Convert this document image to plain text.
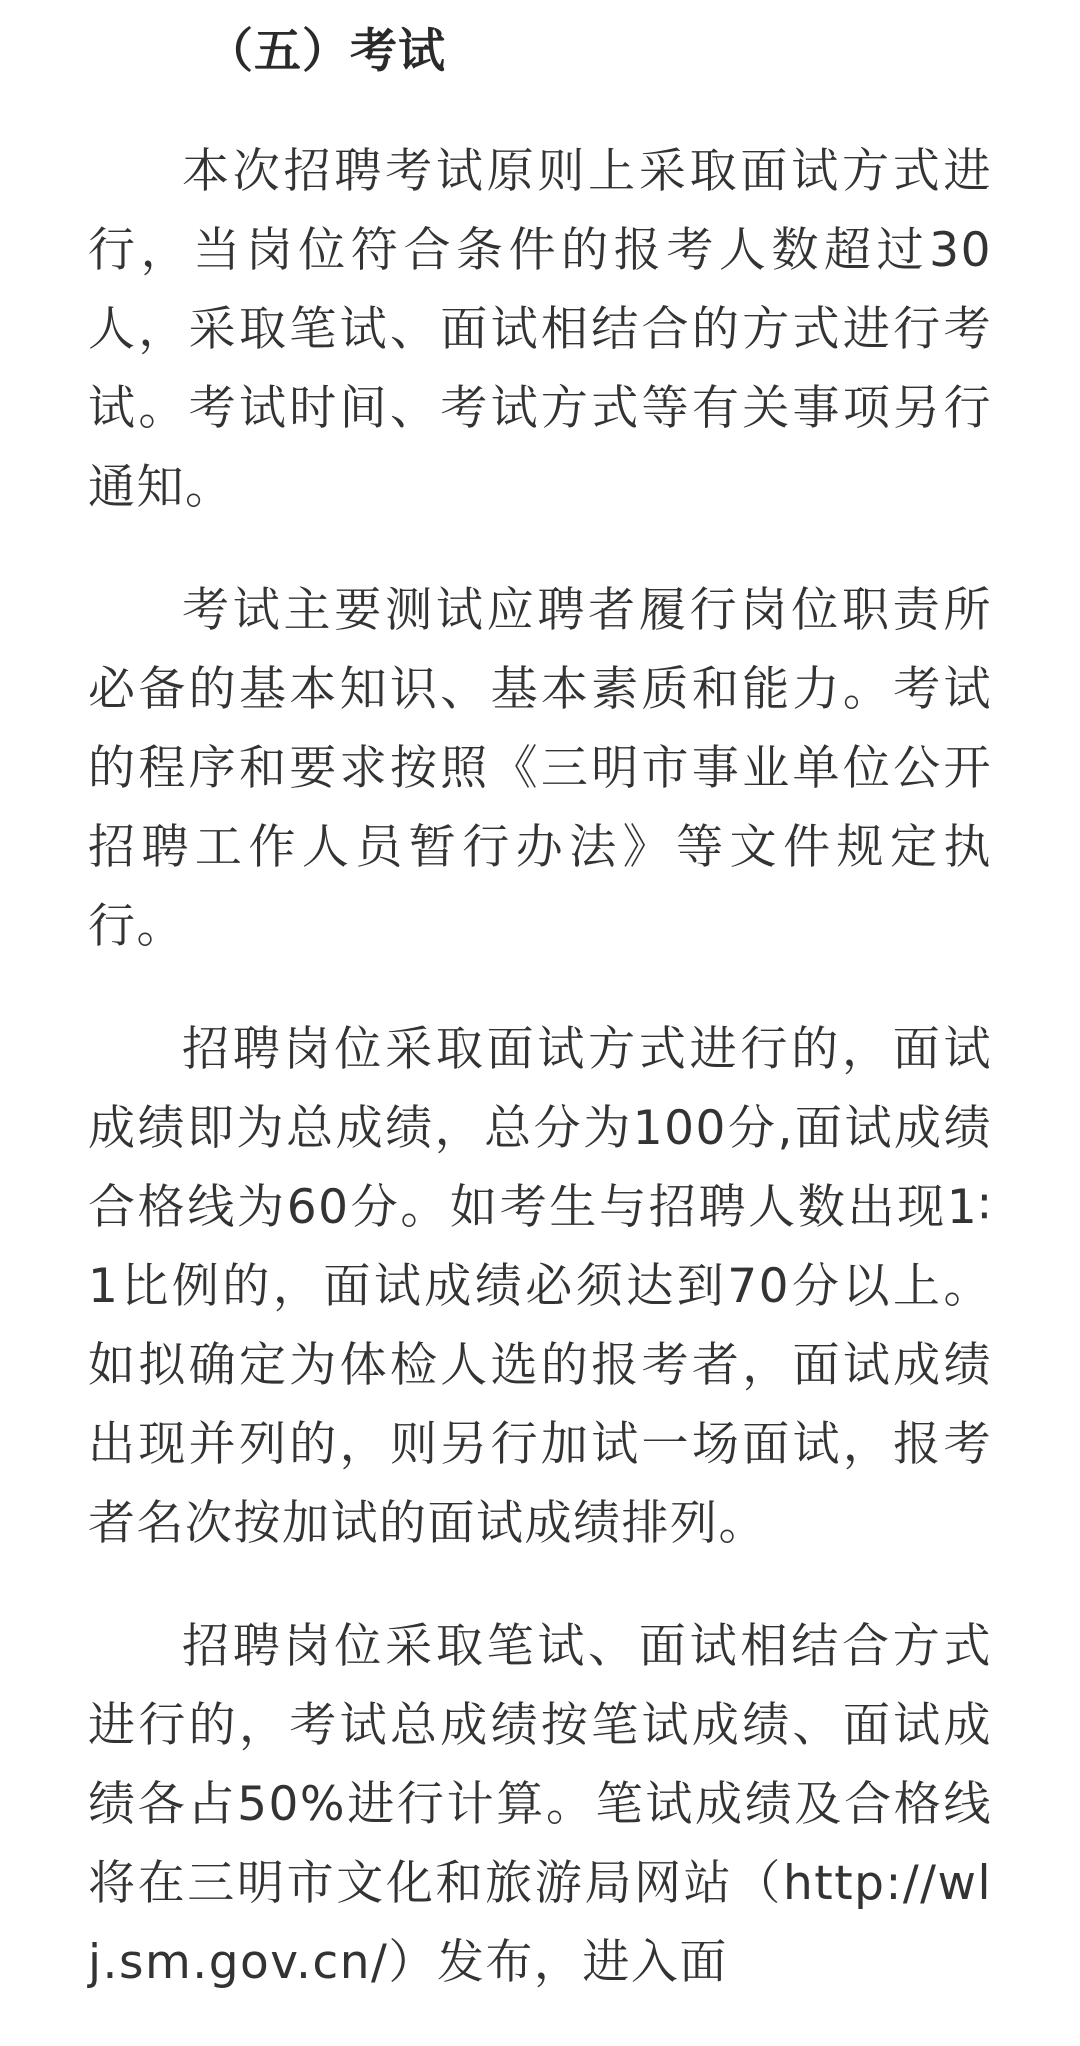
（五）考试

本次招聘考试原则上采取面试方式进行，当岗位符合条件的报考人数超过30人，采取笔试、面试相结合的方式进行考试。考试时间、考试方式等有关事项另行通知。

考试主要测试应聘者履行岗位职责所必备的基本知识、基本素质和能力。考试的程序和要求按照《三明市事业单位公开招聘工作人员暂行办法》等文件规定执行。

招聘岗位采取面试方式进行的，面试成绩即为总成绩，总分为100分,面试成绩合格线为60分。如考生与招聘人数出现1∶1比例的，面试成绩必须达到70分以上。如拟确定为体检人选的报考者，面试成绩出现并列的，则另行加试一场面试，报考者名次按加试的面试成绩排列。

招聘岗位采取笔试、面试相结合方式进行的，考试总成绩按笔试成绩、面试成绩各占50%进行计算。笔试成绩及合格线将在三明市文化和旅游局网站（http://wlj.sm.gov.cn/）发布，进入面
